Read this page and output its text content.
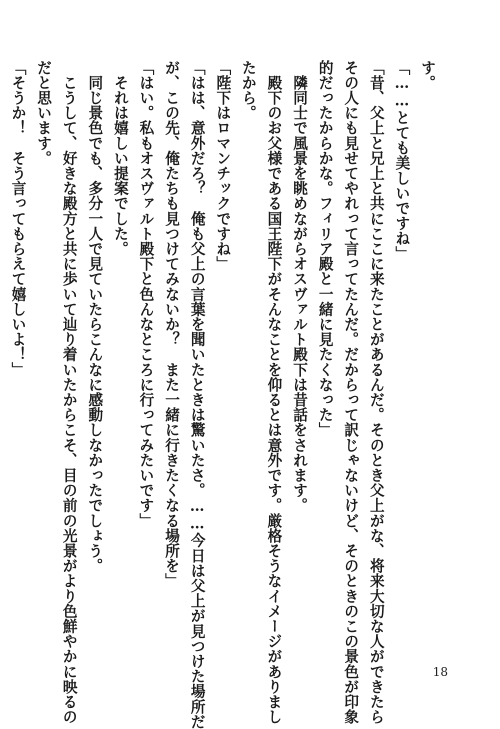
す。
「……とても美しいですね」
「昔、父上と兄上と共にここに来たことがあるんだ。そのとき父上がな、将来大切な人ができたら
その人にも見せてやれって言ってたんだ。だからって訳じゃないけど、そのときのこの景色が印象
的だったからかな。フィリア殿と一緒に見たくなった」
　隣同士で風景を眺めながらオスヴァルト殿下は昔話をされます。
　殿下のお父様である国王陛下がそんなことを仰るとは意外です。厳格そうなイメージがありまし
たから。
「陛下はロマンチックですね」
「はは、意外だろ？　俺も父上の言葉を聞いたときは驚いたさ。……今日は父上が見つけた場所だ
が、この先、俺たちも見つけてみないか？　また一緒に行きたくなる場所を」
「はい。私もオスヴァルト殿下と色んなところに行ってみたいです」
　それは嬉しい提案でした。
　同じ景色でも、多分一人で見ていたらこんなに感動しなかったでしょう。
　こうして、好きな殿方と共に歩いて辿り着いたからこそ、目の前の光景がより色鮮やかに映るの
だと思います。
「そうか！　そう言ってもらえて嬉しいよ！」
18
